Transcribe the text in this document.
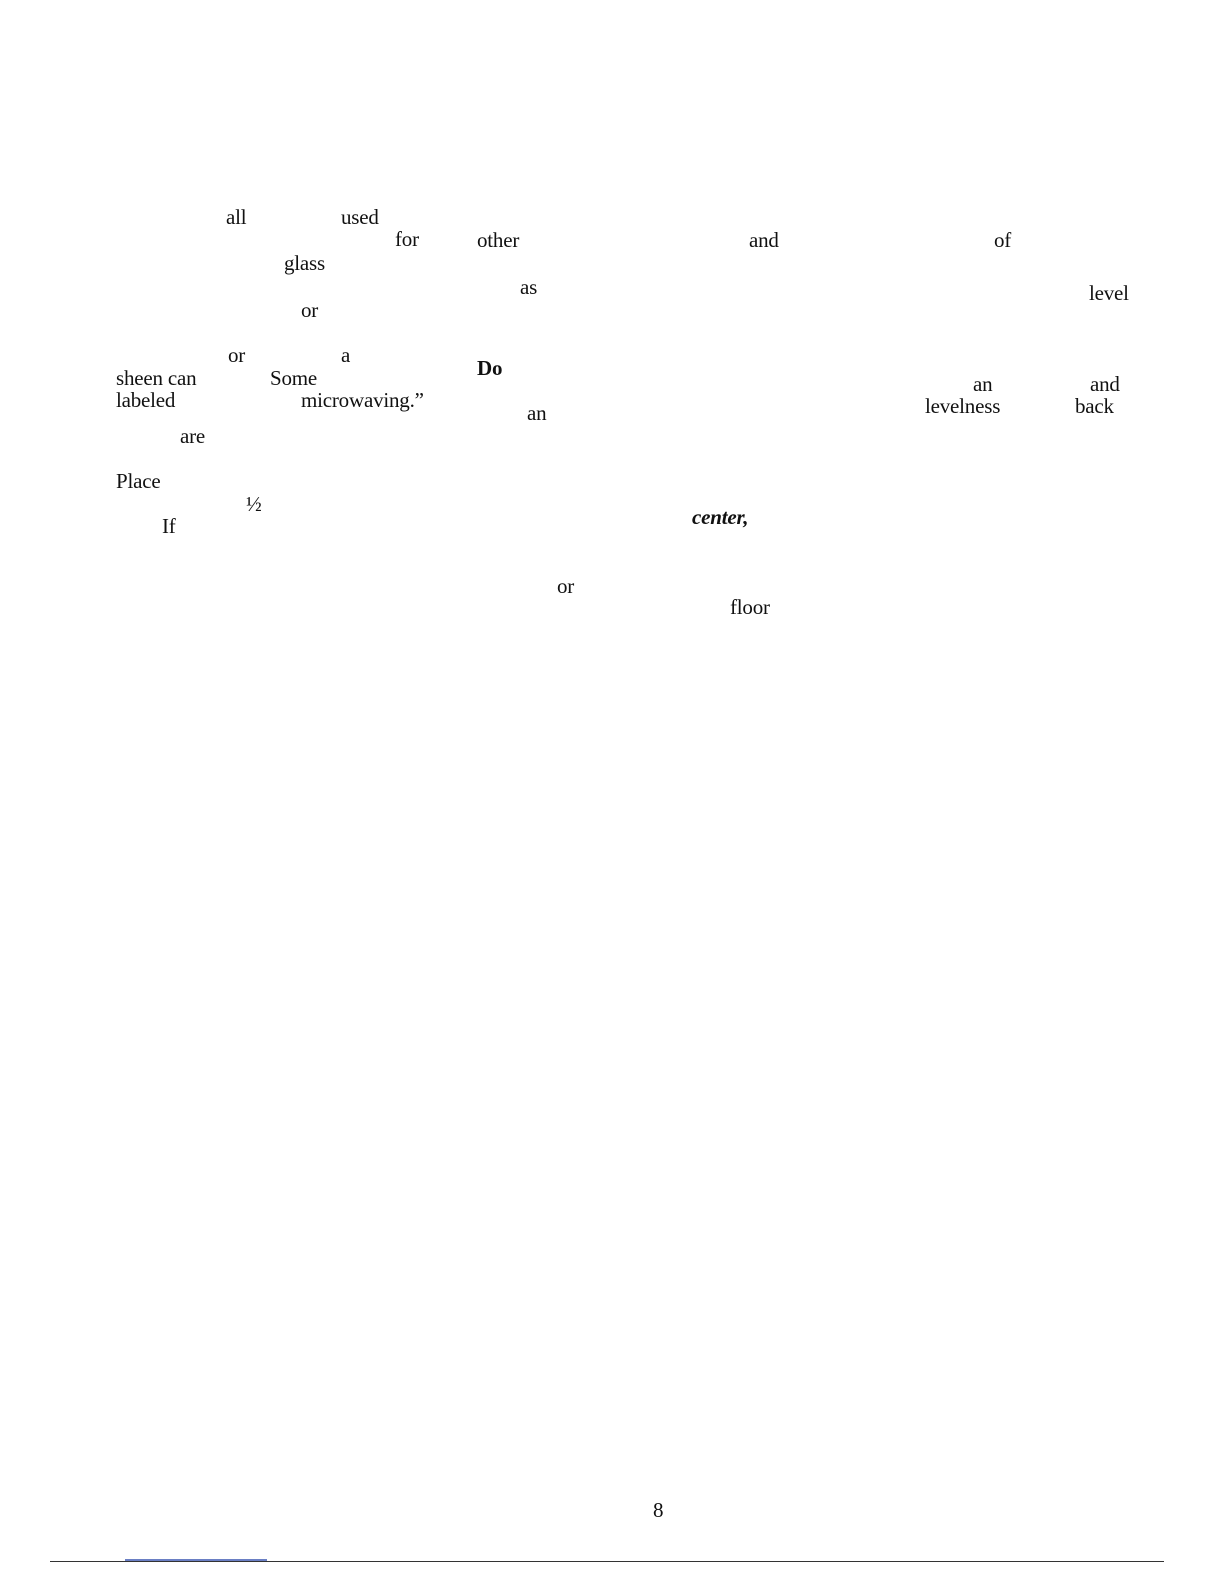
all	used
for
glass
or
or	a
sheen can	Some
labeled	microwaving.”
are
Place
½
If
other	and
as
Do
an
center,
or
floor
of
level
an	and
levelness	back
8
